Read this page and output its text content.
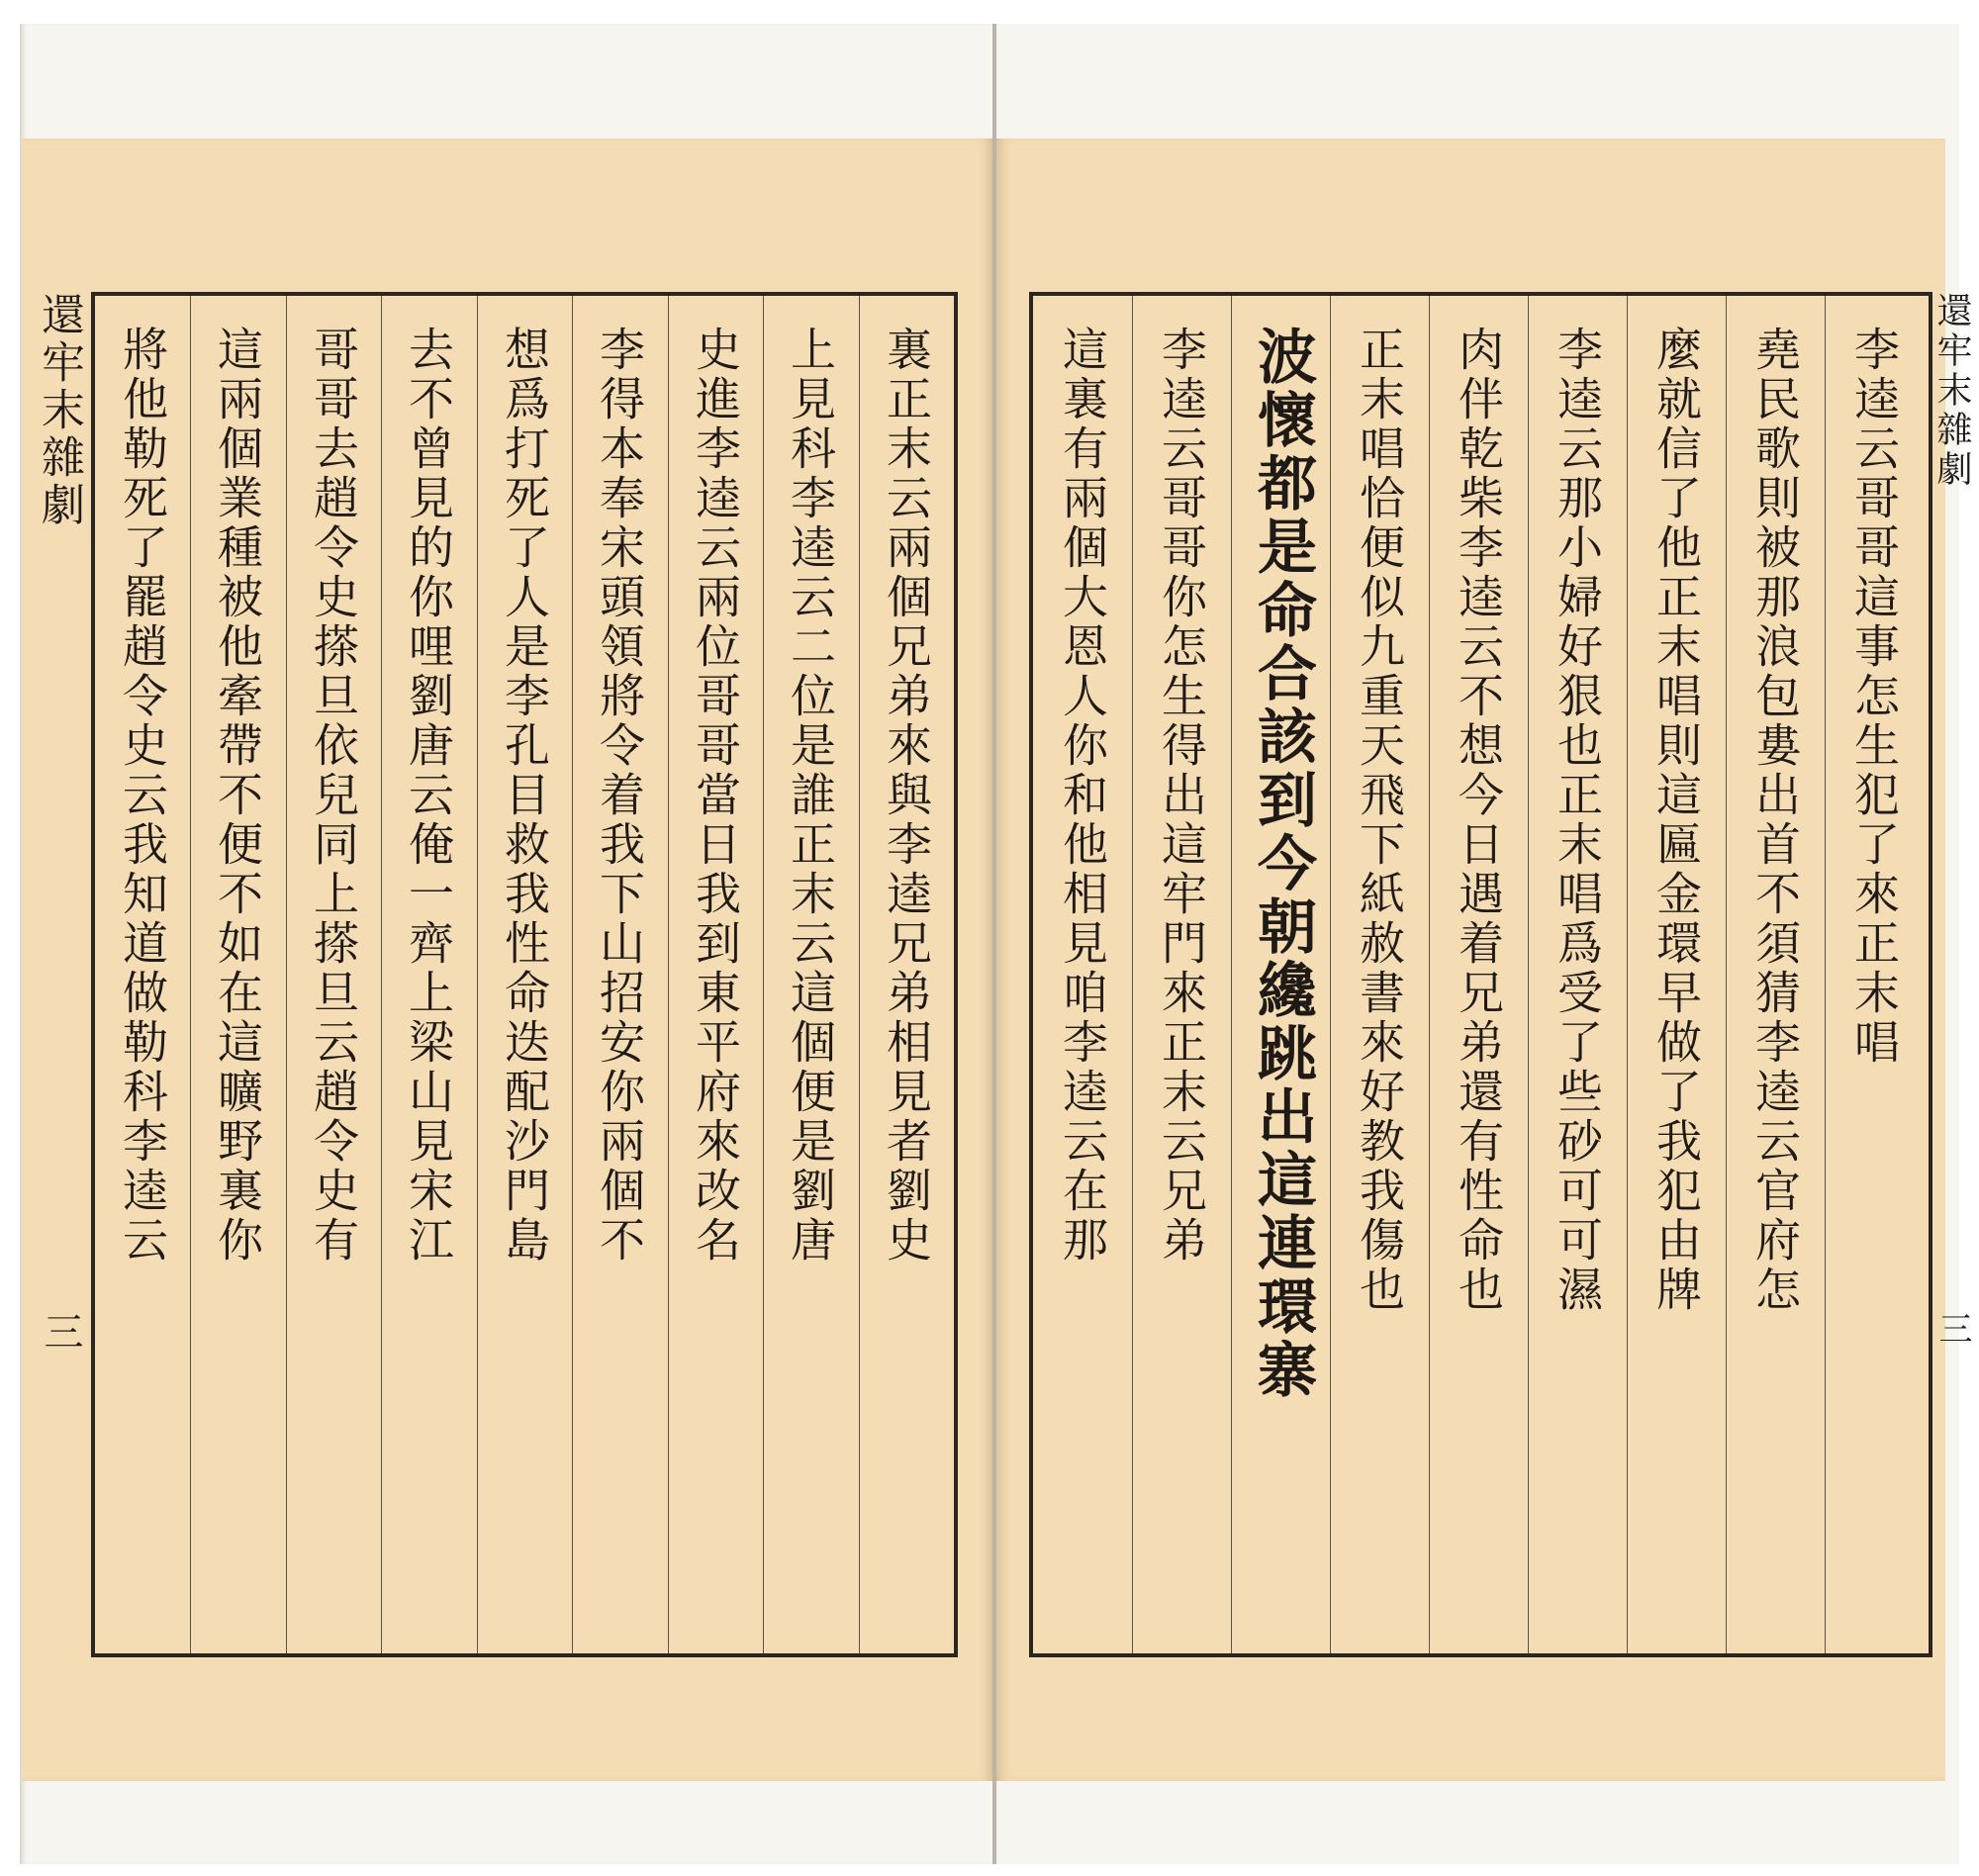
還牢末雜劇
三
裏正末云兩個兄弟來與李逵兄弟相見者劉史
上見科李逵云二位是誰正末云這個便是劉唐
史進李逵云兩位哥哥當日我到東平府來改名
李得本奉宋頭領將令着我下山招安你兩個不
想爲打死了人是李孔目救我性命迭配沙門島
去不曾見的你哩劉唐云俺一齊上梁山見宋江
哥哥去趙令史搽旦依兒同上搽旦云趙令史有
這兩個業種被他牽帶不便不如在這曠野裏你
將他勒死了罷趙令史云我知道做勒科李逵云	還牢末雜劇
三
李逵云哥哥這事怎生犯了來正末唱
堯民歌則被那浪包婁出首不須猜李逵云官府怎
麼就信了他正末唱則這匾金環早做了我犯由牌
李逵云那小婦好狠也正末唱爲受了些砂可可濕
肉伴乾柴李逵云不想今日遇着兄弟還有性命也
正末唱恰便似九重天飛下紙赦書來好教我傷也
波懷都是命合該到今朝纔跳出這連環寨
李逵云哥哥你怎生得出這牢門來正末云兄弟
這裏有兩個大恩人你和他相見咱李逵云在那
